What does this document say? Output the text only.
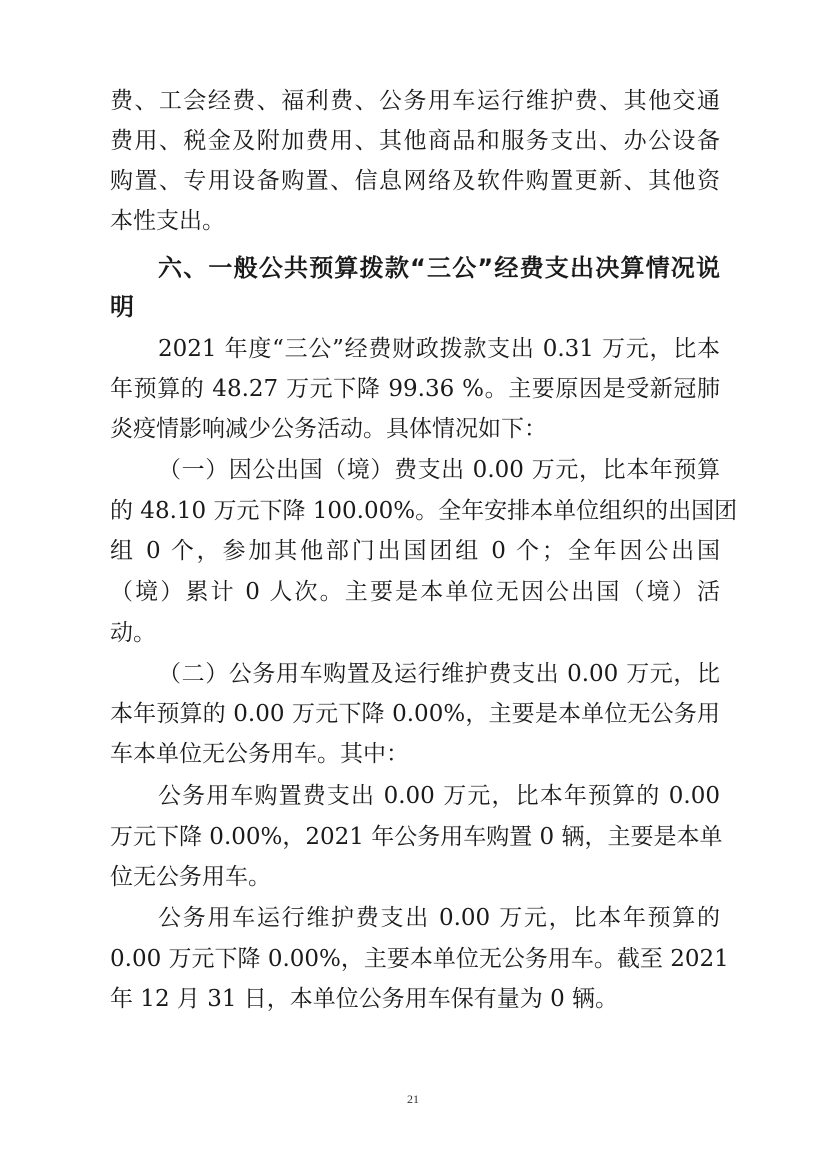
费、工会经费、福利费、公务用车运行维护费、其他交通
费用、税金及附加费用、其他商品和服务支出、办公设备
购置、专用设备购置、信息网络及软件购置更新、其他资
本性支出。
六、一般公共预算拨款“三公”经费支出决算情况说
明
2021 年度“三公”经费财政拨款支出 0.31 万元，比本
年预算的 48.27 万元下降 99.36 %。主要原因是受新冠肺
炎疫情影响减少公务活动。具体情况如下：
（一）因公出国（境）费支出 0.00 万元，比本年预算
的 48.10 万元下降 100.00%。全年安排本单位组织的出国团
组 0 个，参加其他部门出国团组 0 个；全年因公出国
（境）累计 0 人次。主要是本单位无因公出国（境）活
动。
（二）公务用车购置及运行维护费支出 0.00 万元，比
本年预算的 0.00 万元下降 0.00%，主要是本单位无公务用
车本单位无公务用车。其中：
公务用车购置费支出 0.00 万元，比本年预算的 0.00
万元下降 0.00%，2021 年公务用车购置 0 辆，主要是本单
位无公务用车。
公务用车运行维护费支出 0.00 万元，比本年预算的
0.00 万元下降 0.00%，主要本单位无公务用车。截至 2021
年 12 月 31 日，本单位公务用车保有量为 0 辆。
21
